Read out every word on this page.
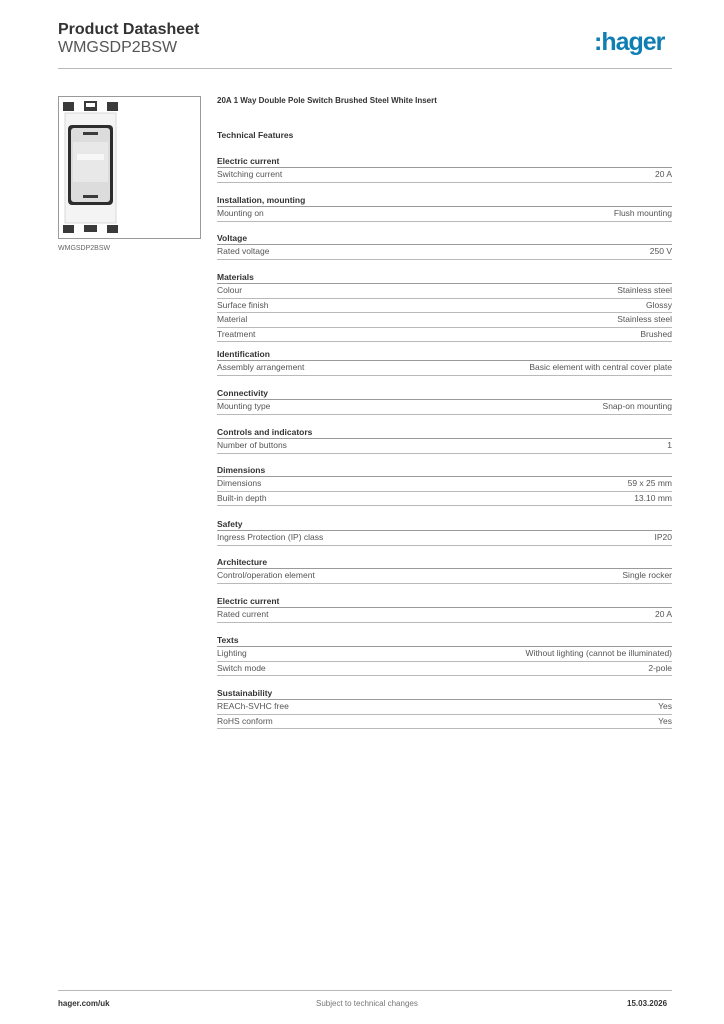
Product Datasheet
WMGSDP2BSW	:hager
WMGSDP2BSW
20A 1 Way Double Pole Switch Brushed Steel White Insert
Technical Features
Electric current
Switching current	20 A
Installation, mounting
Mounting on	Flush mounting
Voltage
Rated voltage	250 V
Materials
Colour	Stainless steel
Surface finish	Glossy
Material	Stainless steel
Treatment	Brushed
Identification
Assembly arrangement	Basic element with central cover plate
Connectivity
Mounting type	Snap-on mounting
Controls and indicators
Number of buttons	1
Dimensions
Dimensions	59 x 25 mm
Built-in depth	13.10 mm
Safety
Ingress Protection (IP) class	IP20
Architecture
Control/operation element	Single rocker
Electric current
Rated current	20 A
Texts
Lighting	Without lighting (cannot be illuminated)
Switch mode	2-pole
Sustainability
REACh-SVHC free	Yes
RoHS conform	Yes
hager.com/uk	Subject to technical changes	15.03.2026
